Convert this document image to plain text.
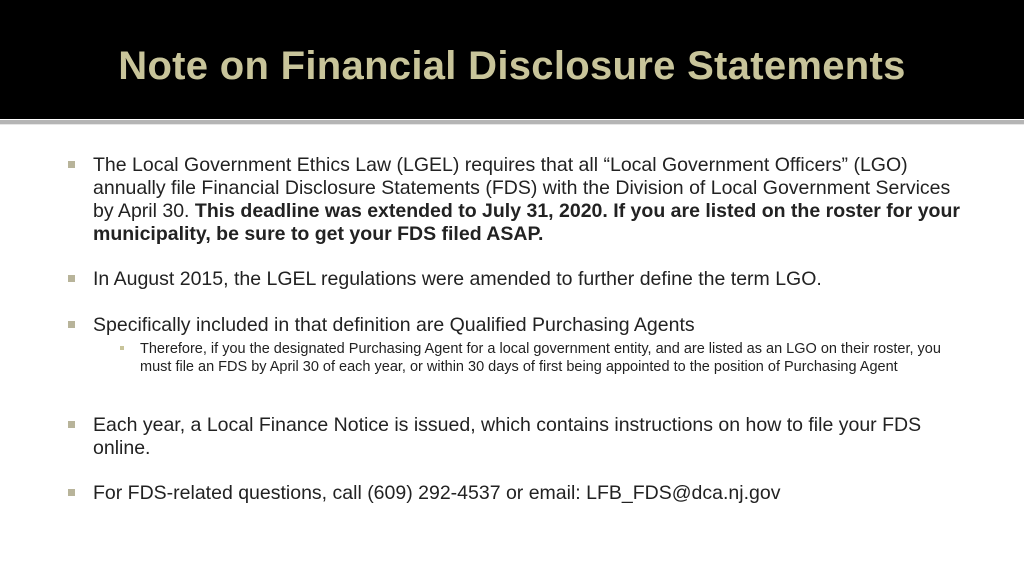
Note on Financial Disclosure Statements
The Local Government Ethics Law (LGEL) requires that all “Local Government Officers” (LGO) annually file Financial Disclosure Statements (FDS) with the Division of Local Government Services by April 30. This deadline was extended to July 31, 2020. If you are listed on the roster for your municipality, be sure to get your FDS filed ASAP.
In August 2015, the LGEL regulations were amended to further define the term LGO.
Specifically included in that definition are Qualified Purchasing Agents
Therefore, if you the designated Purchasing Agent for a local government entity, and are listed as an LGO on their roster, you must file an FDS by April 30 of each year, or within 30 days of first being appointed to the position of Purchasing Agent
Each year, a Local Finance Notice is issued, which contains instructions on how to file your FDS online.
For FDS-related questions, call (609) 292-4537 or email: LFB_FDS@dca.nj.gov
